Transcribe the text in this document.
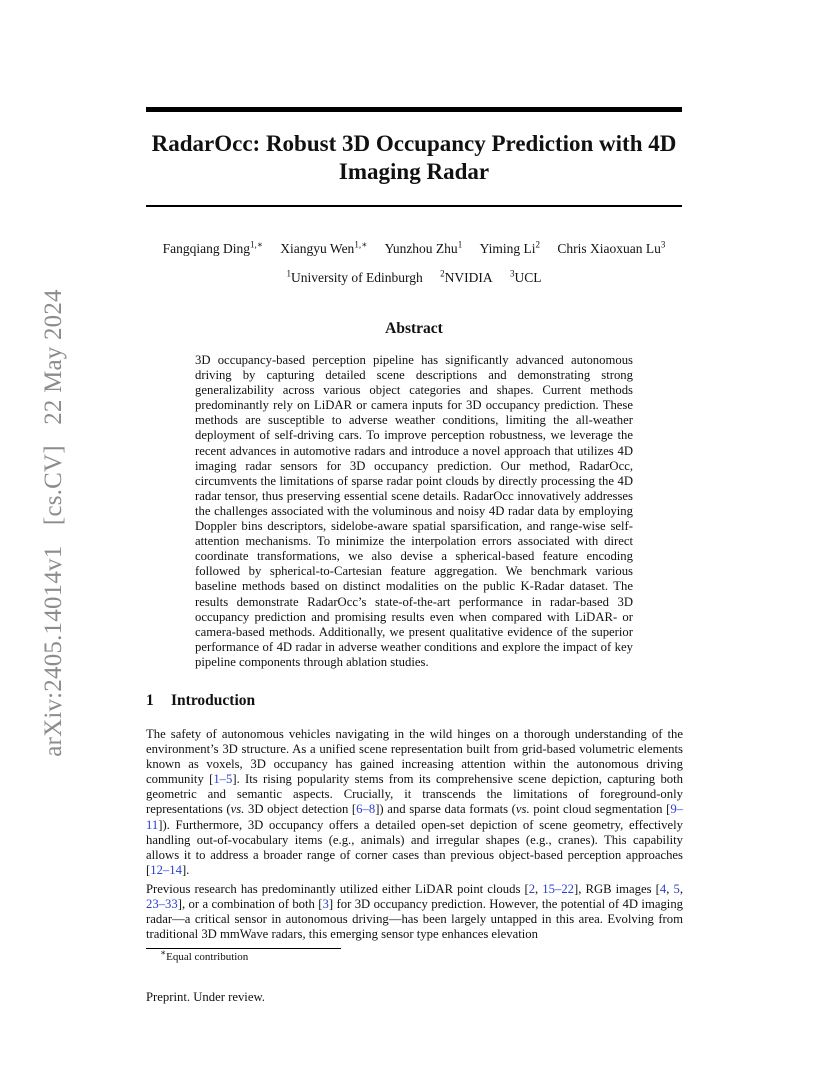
arXiv:2405.14014v1 [cs.CV] 22 May 2024
RadarOcc: Robust 3D Occupancy Prediction with 4D Imaging Radar
Fangqiang Ding$^{1,∗}$ Xiangyu Wen$^{1,∗}$ Yunzhou Zhu$^1$ Yiming Li$^2$ Chris Xiaoxuan Lu$^3$
$^1$University of Edinburgh $^2$NVIDIA $^3$UCL
Abstract
3D occupancy-based perception pipeline has significantly advanced autonomous driving by capturing detailed scene descriptions and demonstrating strong generalizability across various object categories and shapes. Current methods predominantly rely on LiDAR or camera inputs for 3D occupancy prediction. These methods are susceptible to adverse weather conditions, limiting the all-weather deployment of self-driving cars. To improve perception robustness, we leverage the recent advances in automotive radars and introduce a novel approach that utilizes 4D imaging radar sensors for 3D occupancy prediction. Our method, RadarOcc, circumvents the limitations of sparse radar point clouds by directly processing the 4D radar tensor, thus preserving essential scene details. RadarOcc innovatively addresses the challenges associated with the voluminous and noisy 4D radar data by employing Doppler bins descriptors, sidelobe-aware spatial sparsification, and range-wise self-attention mechanisms. To minimize the interpolation errors associated with direct coordinate transformations, we also devise a spherical-based feature encoding followed by spherical-to-Cartesian feature aggregation. We benchmark various baseline methods based on distinct modalities on the public K-Radar dataset. The results demonstrate RadarOcc’s state-of-the-art performance in radar-based 3D occupancy prediction and promising results even when compared with LiDAR- or camera-based methods. Additionally, we present qualitative evidence of the superior performance of 4D radar in adverse weather conditions and explore the impact of key pipeline components through ablation studies.
1 Introduction
The safety of autonomous vehicles navigating in the wild hinges on a thorough understanding of the environment’s 3D structure. As a unified scene representation built from grid-based volumetric elements known as voxels, 3D occupancy has gained increasing attention within the autonomous driving community [1–5]. Its rising popularity stems from its comprehensive scene depiction, capturing both geometric and semantic aspects. Crucially, it transcends the limitations of foreground-only representations (vs. 3D object detection [6–8]) and sparse data formats (vs. point cloud segmentation [9–11]). Furthermore, 3D occupancy offers a detailed open-set depiction of scene geometry, effectively handling out-of-vocabulary items (e.g., animals) and irregular shapes (e.g., cranes). This capability allows it to address a broader range of corner cases than previous object-based perception approaches [12–14].
Previous research has predominantly utilized either LiDAR point clouds [2, 15–22], RGB images [4, 5, 23–33], or a combination of both [3] for 3D occupancy prediction. However, the potential of 4D imaging radar—a critical sensor in autonomous driving—has been largely untapped in this area. Evolving from traditional 3D mmWave radars, this emerging sensor type enhances elevation
∗Equal contribution
Preprint. Under review.
